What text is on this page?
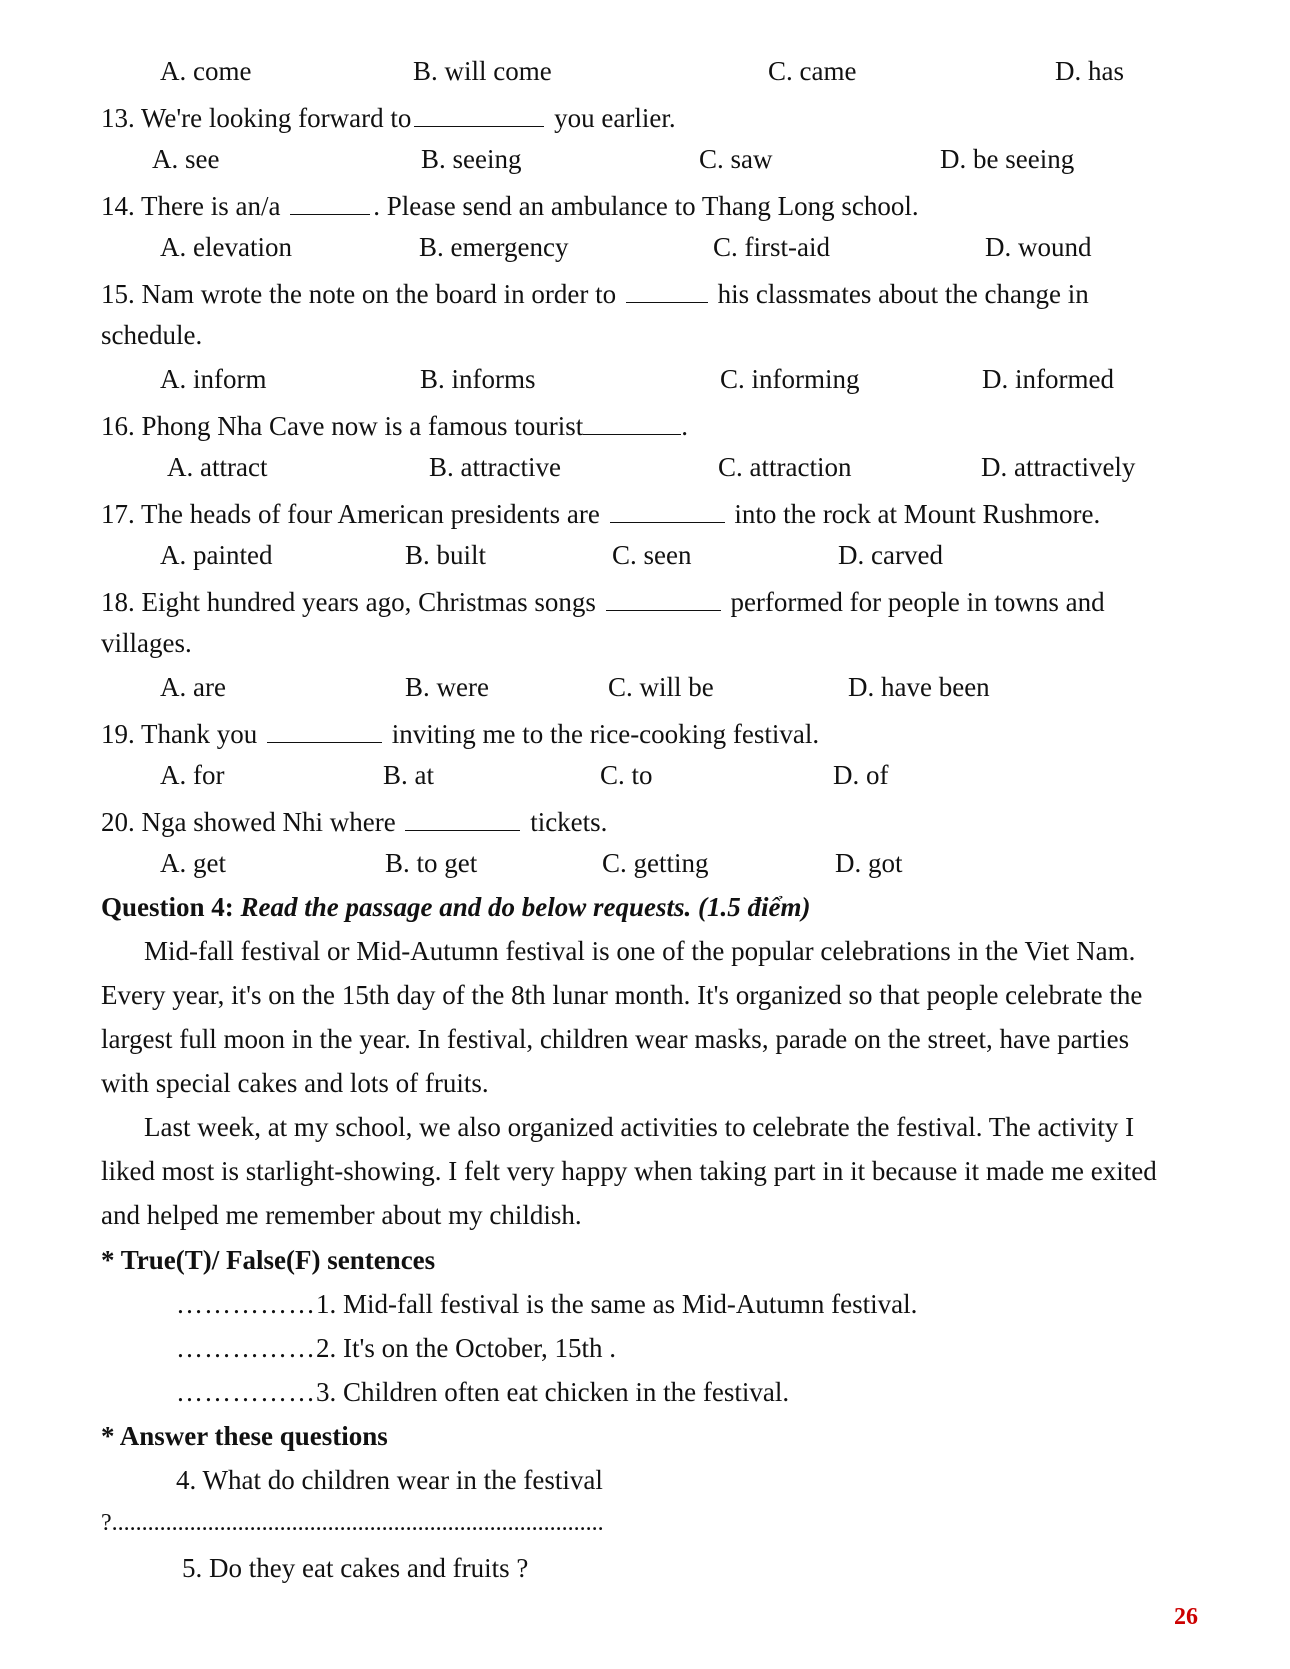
A. come	B. will come	C. came	D. has
13. We're looking forward to	you earlier.
A. see	B. seeing	C. saw	D. be seeing
14. There is an/a	. Please send an ambulance to Thang Long school.
A. elevation	B. emergency	C. first-aid	D. wound
15. Nam wrote the note on the board in order to	his classmates about the change in
schedule.
A. inform	B. informs	C. informing	D. informed
16. Phong Nha Cave now is a famous tourist	.
A. attract	B. attractive	C. attraction	D. attractively
17. The heads of four American presidents are	into the rock at Mount Rushmore.
A. painted	B. built	C. seen	D. carved
18. Eight hundred years ago, Christmas songs	performed for people in towns and
villages.
A. are	B. were	C. will be	D. have been
19. Thank you	inviting me to the rice-cooking festival.
A. for	B. at	C. to	D. of
20. Nga showed Nhi where	tickets.
A. get	B. to get	C. getting	D. got
Question 4: Read the passage and do below requests. (1.5 điểm)
Mid-fall festival or Mid-Autumn festival is one of the popular celebrations in the Viet Nam. Every year, it's on the 15th day of the 8th lunar month. It's organized so that people celebrate the largest full moon in the year. In festival, children wear masks, parade on the street, have parties with special cakes and lots of fruits.
Last week, at my school, we also organized activities to celebrate the festival. The activity I liked most is starlight-showing. I felt very happy when taking part in it because it made me exited and helped me remember about my childish.
* True(T)/ False(F) sentences
……………1. Mid-fall festival is the same as Mid-Autumn festival.
……………2. It's on the October, 15th .
……………3. Children often eat chicken in the festival.
* Answer these questions
4. What do children wear in the festival
?..................................................................................
5. Do they eat cakes and fruits ?
26
